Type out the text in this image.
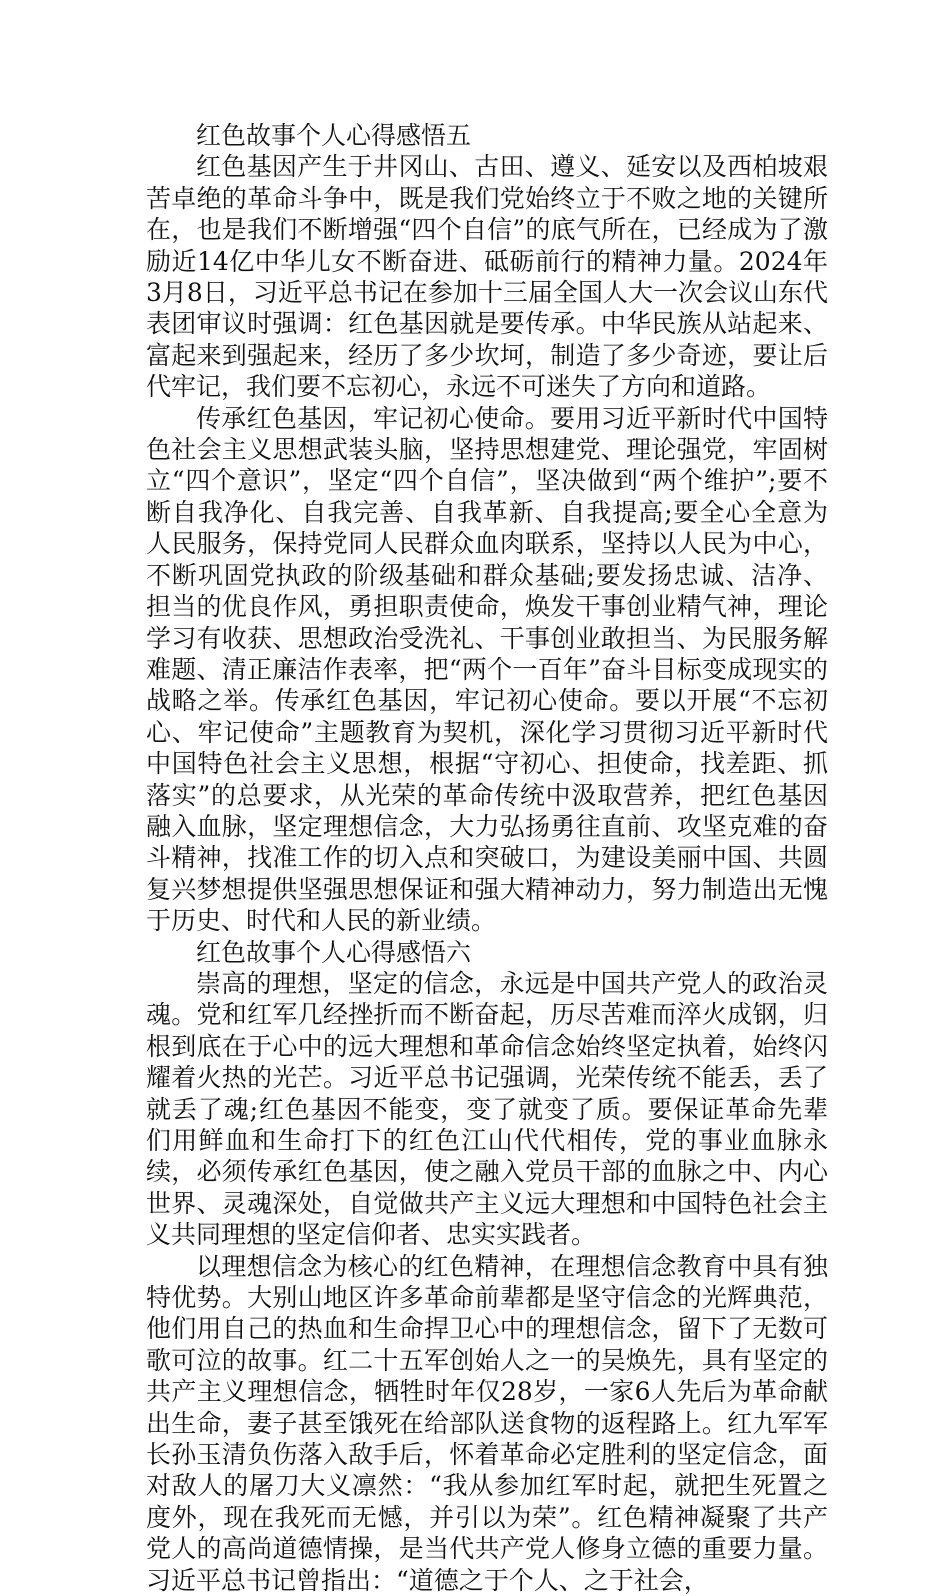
红色故事个人心得感悟五

红色基因产生于井冈山、古田、遵义、延安以及西柏坡艰苦卓绝的革命斗争中，既是我们党始终立于不败之地的关键所在，也是我们不断增强“四个自信”的底气所在，已经成为了激励近14亿中华儿女不断奋进、砥砺前行的精神力量。2024年3月8日，习近平总书记在参加十三届全国人大一次会议山东代表团审议时强调：红色基因就是要传承。中华民族从站起来、富起来到强起来，经历了多少坎坷，制造了多少奇迹，要让后代牢记，我们要不忘初心，永远不可迷失了方向和道路。

传承红色基因，牢记初心使命。要用习近平新时代中国特色社会主义思想武装头脑，坚持思想建党、理论强党，牢固树立“四个意识”，坚定“四个自信”，坚决做到“两个维护”;要不断自我净化、自我完善、自我革新、自我提高;要全心全意为人民服务，保持党同人民群众血肉联系，坚持以人民为中心，不断巩固党执政的阶级基础和群众基础;要发扬忠诚、洁净、担当的优良作风，勇担职责使命，焕发干事创业精气神，理论学习有收获、思想政治受洗礼、干事创业敢担当、为民服务解难题、清正廉洁作表率，把“两个一百年”奋斗目标变成现实的战略之举。传承红色基因，牢记初心使命。要以开展“不忘初心、牢记使命”主题教育为契机，深化学习贯彻习近平新时代中国特色社会主义思想，根据“守初心、担使命，找差距、抓落实”的总要求，从光荣的革命传统中汲取营养，把红色基因融入血脉，坚定理想信念，大力弘扬勇往直前、攻坚克难的奋斗精神，找准工作的切入点和突破口，为建设美丽中国、共圆复兴梦想提供坚强思想保证和强大精神动力，努力制造出无愧于历史、时代和人民的新业绩。

红色故事个人心得感悟六

崇高的理想，坚定的信念，永远是中国共产党人的政治灵魂。党和红军几经挫折而不断奋起，历尽苦难而淬火成钢，归根到底在于心中的远大理想和革命信念始终坚定执着，始终闪耀着火热的光芒。习近平总书记强调，光荣传统不能丢，丢了就丢了魂;红色基因不能变，变了就变了质。要保证革命先辈们用鲜血和生命打下的红色江山代代相传，党的事业血脉永续，必须传承红色基因，使之融入党员干部的血脉之中、内心世界、灵魂深处，自觉做共产主义远大理想和中国特色社会主义共同理想的坚定信仰者、忠实实践者。

以理想信念为核心的红色精神，在理想信念教育中具有独特优势。大别山地区许多革命前辈都是坚守信念的光辉典范，他们用自己的热血和生命捍卫心中的理想信念，留下了无数可歌可泣的故事。红二十五军创始人之一的吴焕先，具有坚定的共产主义理想信念，牺牲时年仅28岁，一家6人先后为革命献出生命，妻子甚至饿死在给部队送食物的返程路上。红九军军长孙玉清负伤落入敌手后，怀着革命必定胜利的坚定信念，面对敌人的屠刀大义凛然：“我从参加红军时起，就把生死置之度外，现在我死而无憾，并引以为荣”。红色精神凝聚了共产党人的高尚道德情操，是当代共产党人修身立德的重要力量。习近平总书记曾指出：“道德之于个人、之于社会，
